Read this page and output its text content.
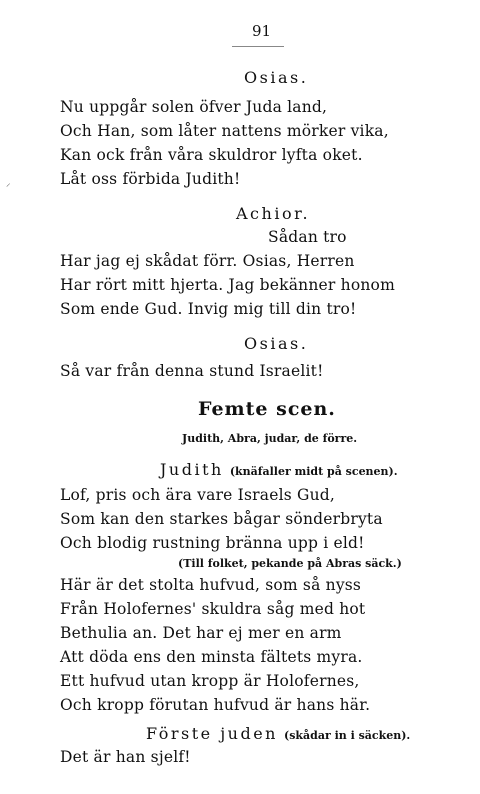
91
⸝
Osias.
Nu uppgår solen öfver Juda land,
Och Han, som låter nattens mörker vika,
Kan ock från våra skuldror lyfta oket.
Låt oss förbida Judith!
Achior.
Sådan tro
Har jag ej skådat förr. Osias, Herren
Har rört mitt hjerta. Jag bekänner honom
Som ende Gud. Invig mig till din tro!
Osias.
Så var från denna stund Israelit!
Femte scen.
Judith, Abra, judar, de förre.
Judith (knäfaller midt på scenen).
Lof, pris och ära vare Israels Gud,
Som kan den starkes bågar sönderbryta
Och blodig rustning bränna upp i eld!
(Till folket, pekande på Abras säck.)
Här är det stolta hufvud, som så nyss
Från Holofernes' skuldra såg med hot
Bethulia an. Det har ej mer en arm
Att döda ens den minsta fältets myra.
Ett hufvud utan kropp är Holofernes,
Och kropp förutan hufvud är hans här.
Förste juden (skådar in i säcken).
Det är han sjelf!
